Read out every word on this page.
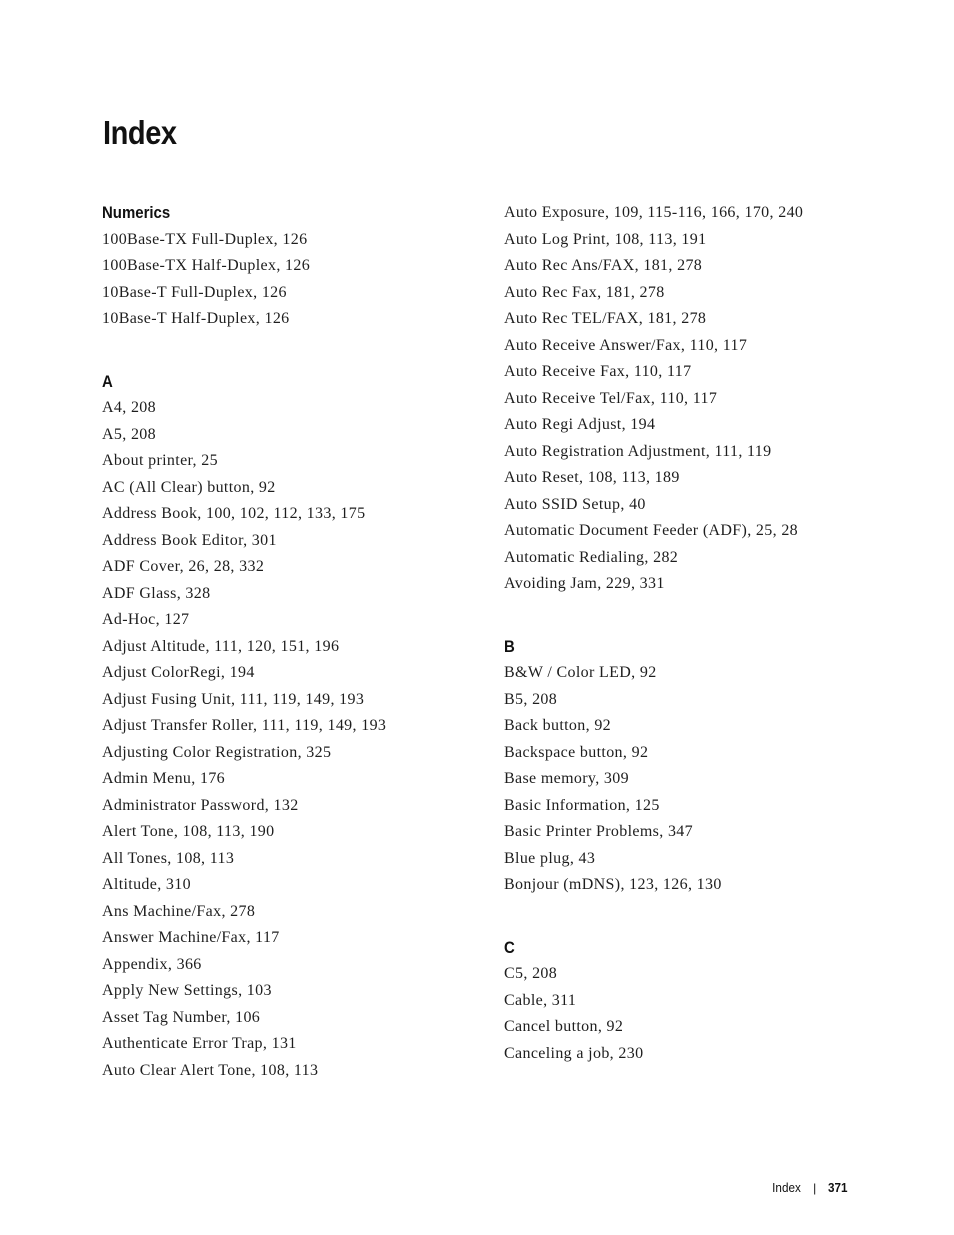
Index
Numerics
100Base-TX Full-Duplex, 126
100Base-TX Half-Duplex, 126
10Base-T Full-Duplex, 126
10Base-T Half-Duplex, 126
A
A4, 208
A5, 208
About printer, 25
AC (All Clear) button, 92
Address Book, 100, 102, 112, 133, 175
Address Book Editor, 301
ADF Cover, 26, 28, 332
ADF Glass, 328
Ad-Hoc, 127
Adjust Altitude, 111, 120, 151, 196
Adjust ColorRegi, 194
Adjust Fusing Unit, 111, 119, 149, 193
Adjust Transfer Roller, 111, 119, 149, 193
Adjusting Color Registration, 325
Admin Menu, 176
Administrator Password, 132
Alert Tone, 108, 113, 190
All Tones, 108, 113
Altitude, 310
Ans Machine/Fax, 278
Answer Machine/Fax, 117
Appendix, 366
Apply New Settings, 103
Asset Tag Number, 106
Authenticate Error Trap, 131
Auto Clear Alert Tone, 108, 113
Auto Exposure, 109, 115-116, 166, 170, 240
Auto Log Print, 108, 113, 191
Auto Rec Ans/FAX, 181, 278
Auto Rec Fax, 181, 278
Auto Rec TEL/FAX, 181, 278
Auto Receive Answer/Fax, 110, 117
Auto Receive Fax, 110, 117
Auto Receive Tel/Fax, 110, 117
Auto Regi Adjust, 194
Auto Registration Adjustment, 111, 119
Auto Reset, 108, 113, 189
Auto SSID Setup, 40
Automatic Document Feeder (ADF), 25, 28
Automatic Redialing, 282
Avoiding Jam, 229, 331
B
B&W / Color LED, 92
B5, 208
Back button, 92
Backspace button, 92
Base memory, 309
Basic Information, 125
Basic Printer Problems, 347
Blue plug, 43
Bonjour (mDNS), 123, 126, 130
C
C5, 208
Cable, 311
Cancel button, 92
Canceling a job, 230
Index | 371
